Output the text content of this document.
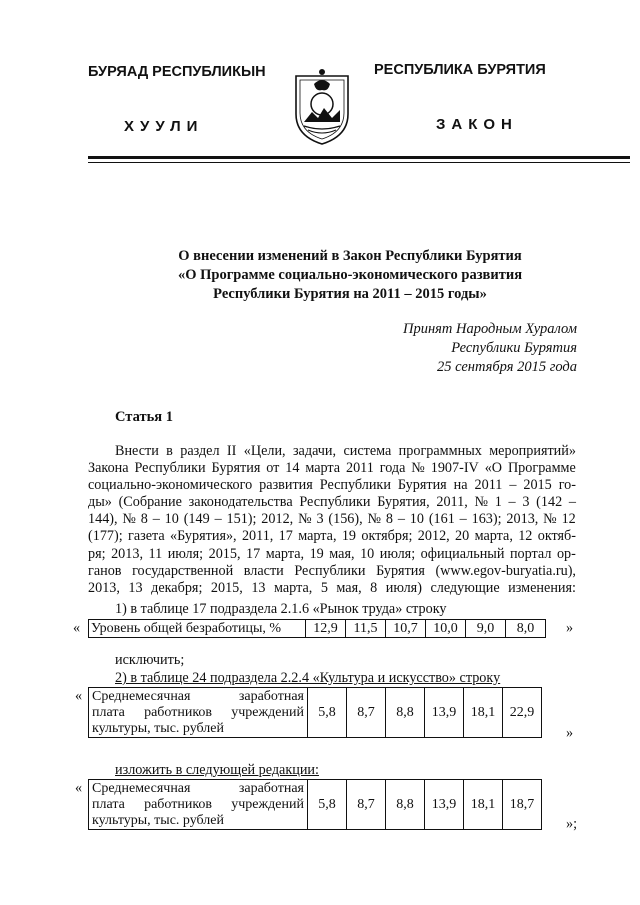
БУРЯАД РЕСПУБЛИКЫН
ХУУЛИ
РЕСПУБЛИКА БУРЯТИЯ
ЗАКОН
О внесении изменений в Закон Республики Бурятия
«О Программе социально-экономического развития
Республики Бурятия на 2011 – 2015 годы»
Принят Народным Хуралом
Республики Бурятия
25 сентября 2015 года
Статья 1
Внести в раздел II «Цели, задачи, система программных мероприятий»
Закона Республики Бурятия от 14 марта 2011 года № 1907-IV «О Программе
социально-экономического развития Республики Бурятия на 2011 – 2015 го-
ды» (Собрание законодательства Республики Бурятия, 2011, № 1 – 3 (142 –
144), № 8 – 10 (149 – 151); 2012, № 3 (156), № 8 – 10 (161 – 163); 2013, № 12
(177); газета «Бурятия», 2011, 17 марта, 19 октября; 2012, 20 марта, 12 октяб-
ря; 2013, 11 июля; 2015, 17 марта, 19 мая, 10 июля; официальный портал ор-
ганов государственной власти Республики Бурятия (www.egov-buryatia.ru),
2013, 13 декабря; 2015, 13 марта, 5 мая, 8 июля) следующие изменения:
1) в таблице 17 подраздела 2.1.6 «Рынок труда» строку
« Уровень общей безработицы, %	12,9	11,5	10,7	10,0	9,0	8,0 »
исключить;
2) в таблице 24 подраздела 2.2.4 «Культура и искусство» строку
« Среднемесячная	заработная
плата работников учреждений
культуры, тыс. рублей
	5,8	8,7	8,8	13,9	18,1	22,9
»
изложить в следующей редакции:
« Среднемесячная	заработная
плата работников учреждений
культуры, тыс. рублей
	5,8	8,7	8,8	13,9	18,1	18,7
»;
